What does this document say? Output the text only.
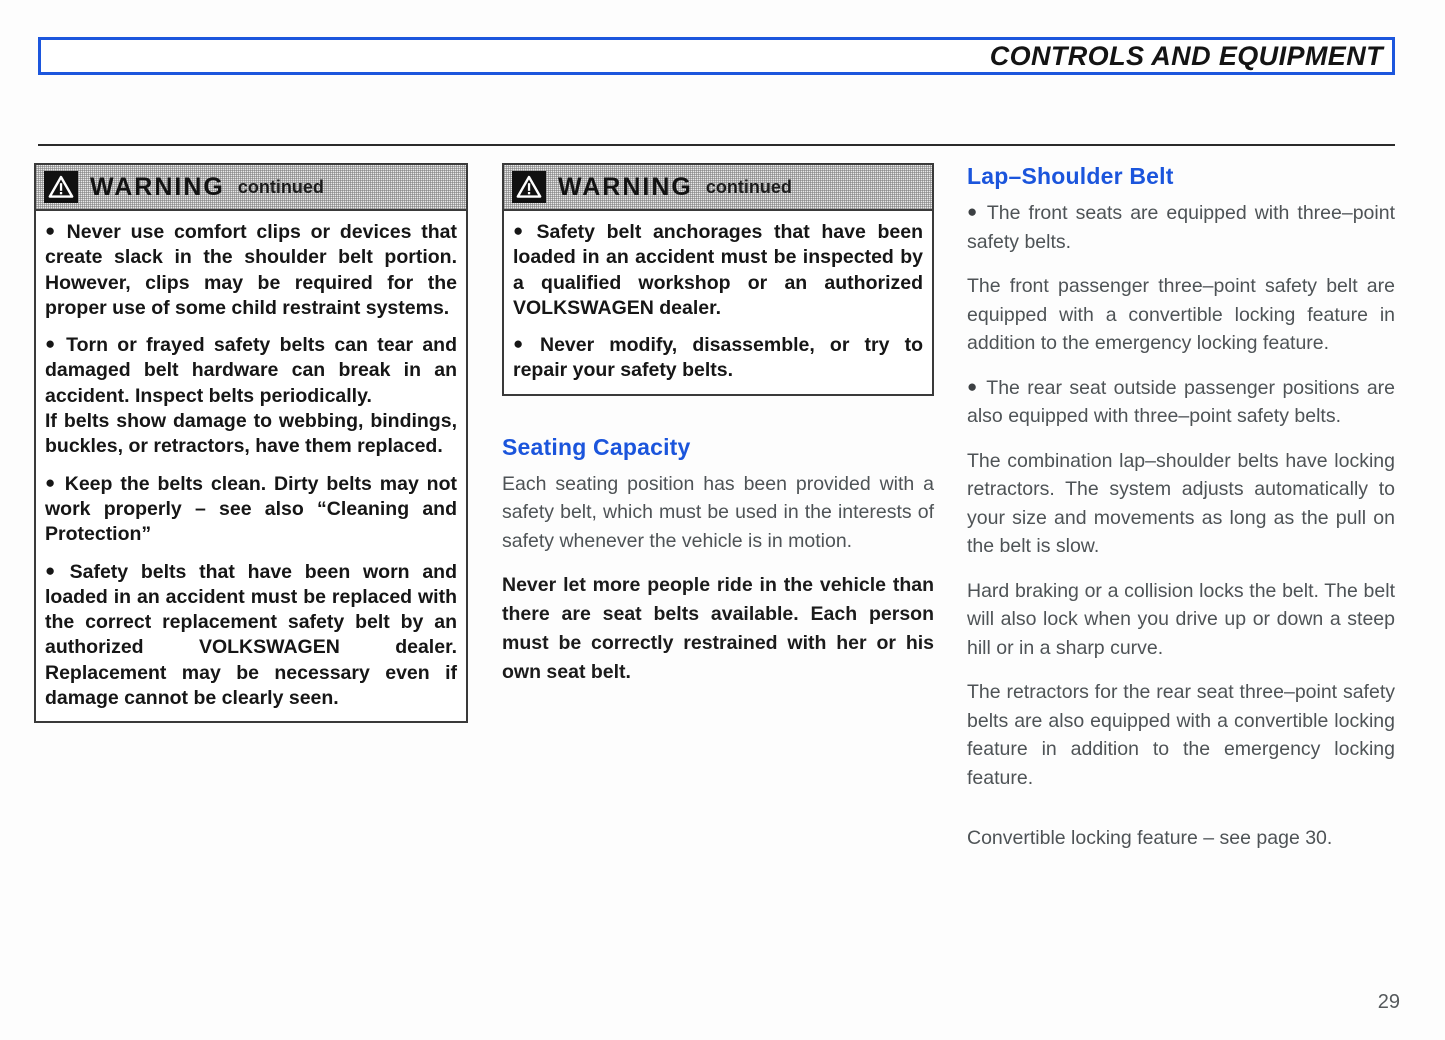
CONTROLS AND EQUIPMENT
WARNING continued

● Never use comfort clips or devices that create slack in the shoulder belt portion. However, clips may be required for the proper use of some child restraint systems.

● Torn or frayed safety belts can tear and damaged belt hardware can break in an accident. Inspect belts periodically.

If belts show damage to webbing, bindings, buckles, or retractors, have them replaced.

● Keep the belts clean. Dirty belts may not work properly – see also “Cleaning and Protection”

● Safety belts that have been worn and loaded in an accident must be replaced with the correct replacement safety belt by an authorized VOLKSWAGEN dealer. Replacement may be necessary even if damage cannot be clearly seen.

WARNING continued

● Safety belt anchorages that have been loaded in an accident must be inspected by a qualified workshop or an authorized VOLKSWAGEN dealer.

● Never modify, disassemble, or try to repair your safety belts.

Seating Capacity

Each seating position has been provided with a safety belt, which must be used in the interests of safety whenever the vehicle is in motion.

Never let more people ride in the vehicle than there are seat belts available. Each person must be correctly restrained with her or his own seat belt.

Lap–Shoulder Belt

● The front seats are equipped with three–point safety belts.

The front passenger three–point safety belt are equipped with a convertible locking feature in addition to the emergency locking feature.

● The rear seat outside passenger positions are also equipped with three–point safety belts.

The combination lap–shoulder belts have locking retractors. The system adjusts automatically to your size and movements as long as the pull on the belt is slow.

Hard braking or a collision locks the belt. The belt will also lock when you drive up or down a steep hill or in a sharp curve.

The retractors for the rear seat three–point safety belts are also equipped with a convertible locking feature in addition to the emergency locking feature.

Convertible locking feature – see page 30.

29
